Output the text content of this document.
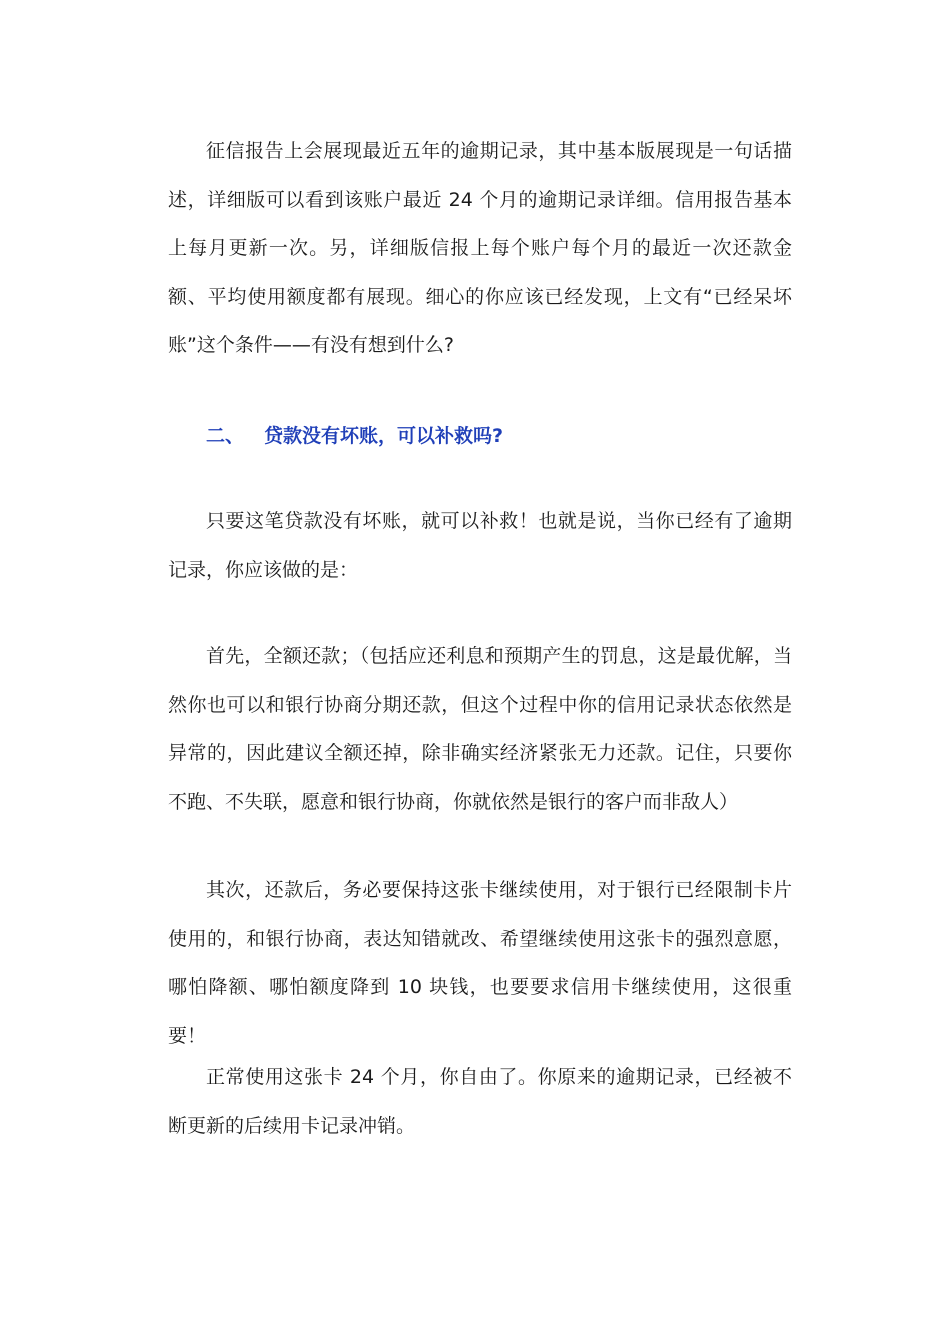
征信报告上会展现最近五年的逾期记录，其中基本版展现是一句话描述，详细版可以看到该账户最近 24 个月的逾期记录详细。信用报告基本上每月更新一次。另，详细版信报上每个账户每个月的最近一次还款金额、平均使用额度都有展现。细心的你应该已经发现，上文有“已经呆坏账”这个条件——有没有想到什么?

二、 贷款没有坏账，可以补救吗?

只要这笔贷款没有坏账，就可以补救！也就是说，当你已经有了逾期记录，你应该做的是：

首先，全额还款；（包括应还利息和预期产生的罚息，这是最优解，当然你也可以和银行协商分期还款，但这个过程中你的信用记录状态依然是异常的，因此建议全额还掉，除非确实经济紧张无力还款。记住，只要你不跑、不失联，愿意和银行协商，你就依然是银行的客户而非敌人）

其次，还款后，务必要保持这张卡继续使用，对于银行已经限制卡片使用的，和银行协商，表达知错就改、希望继续使用这张卡的强烈意愿，哪怕降额、哪怕额度降到 10 块钱，也要要求信用卡继续使用，这很重要！

正常使用这张卡 24 个月，你自由了。你原来的逾期记录，已经被不断更新的后续用卡记录冲销。
